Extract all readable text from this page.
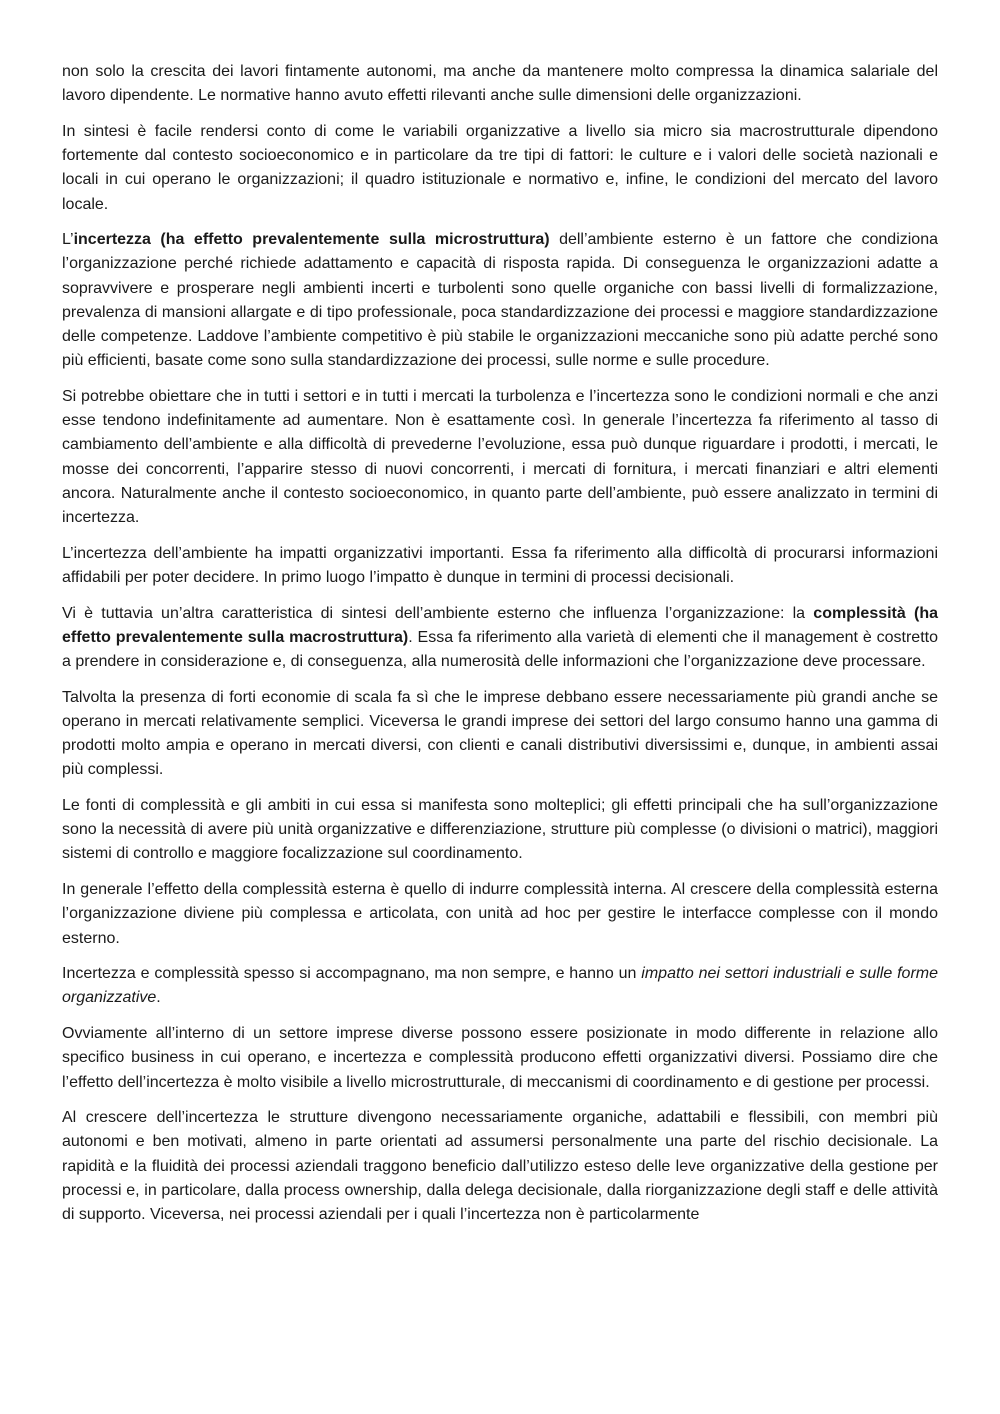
non solo la crescita dei lavori fintamente autonomi, ma anche da mantenere molto compressa la dinamica salariale del lavoro dipendente. Le normative hanno avuto effetti rilevanti anche sulle dimensioni delle organizzazioni.

In sintesi è facile rendersi conto di come le variabili organizzative a livello sia micro sia macrostrutturale dipendono fortemente dal contesto socioeconomico e in particolare da tre tipi di fattori: le culture e i valori delle società nazionali e locali in cui operano le organizzazioni; il quadro istituzionale e normativo e, infine, le condizioni del mercato del lavoro locale.

L’incertezza (ha effetto prevalentemente sulla microstruttura) dell’ambiente esterno è un fattore che condiziona l’organizzazione perché richiede adattamento e capacità di risposta rapida. Di conseguenza le organizzazioni adatte a sopravvivere e prosperare negli ambienti incerti e turbolenti sono quelle organiche con bassi livelli di formalizzazione, prevalenza di mansioni allargate e di tipo professionale, poca standardizzazione dei processi e maggiore standardizzazione delle competenze. Laddove l’ambiente competitivo è più stabile le organizzazioni meccaniche sono più adatte perché sono più efficienti, basate come sono sulla standardizzazione dei processi, sulle norme e sulle procedure.

Si potrebbe obiettare che in tutti i settori e in tutti i mercati la turbolenza e l’incertezza sono le condizioni normali e che anzi esse tendono indefinitamente ad aumentare. Non è esattamente così. In generale l’incertezza fa riferimento al tasso di cambiamento dell’ambiente e alla difficoltà di prevederne l’evoluzione, essa può dunque riguardare i prodotti, i mercati, le mosse dei concorrenti, l’apparire stesso di nuovi concorrenti, i mercati di fornitura, i mercati finanziari e altri elementi ancora. Naturalmente anche il contesto socioeconomico, in quanto parte dell’ambiente, può essere analizzato in termini di incertezza.

L’incertezza dell’ambiente ha impatti organizzativi importanti. Essa fa riferimento alla difficoltà di procurarsi informazioni affidabili per poter decidere. In primo luogo l’impatto è dunque in termini di processi decisionali.

Vi è tuttavia un’altra caratteristica di sintesi dell’ambiente esterno che influenza l’organizzazione: la complessità (ha effetto prevalentemente sulla macrostruttura). Essa fa riferimento alla varietà di elementi che il management è costretto a prendere in considerazione e, di conseguenza, alla numerosità delle informazioni che l’organizzazione deve processare.

Talvolta la presenza di forti economie di scala fa sì che le imprese debbano essere necessariamente più grandi anche se operano in mercati relativamente semplici. Viceversa le grandi imprese dei settori del largo consumo hanno una gamma di prodotti molto ampia e operano in mercati diversi, con clienti e canali distributivi diversissimi e, dunque, in ambienti assai più complessi.

Le fonti di complessità e gli ambiti in cui essa si manifesta sono molteplici; gli effetti principali che ha sull’organizzazione sono la necessità di avere più unità organizzative e differenziazione, strutture più complesse (o divisioni o matrici), maggiori sistemi di controllo e maggiore focalizzazione sul coordinamento.

In generale l’effetto della complessità esterna è quello di indurre complessità interna. Al crescere della complessità esterna l’organizzazione diviene più complessa e articolata, con unità ad hoc per gestire le interfacce complesse con il mondo esterno.

Incertezza e complessità spesso si accompagnano, ma non sempre, e hanno un impatto nei settori industriali e sulle forme organizzative.

Ovviamente all’interno di un settore imprese diverse possono essere posizionate in modo differente in relazione allo specifico business in cui operano, e incertezza e complessità producono effetti organizzativi diversi. Possiamo dire che l’effetto dell’incertezza è molto visibile a livello microstrutturale, di meccanismi di coordinamento e di gestione per processi.

Al crescere dell’incertezza le strutture divengono necessariamente organiche, adattabili e flessibili, con membri più autonomi e ben motivati, almeno in parte orientati ad assumersi personalmente una parte del rischio decisionale. La rapidità e la fluidità dei processi aziendali traggono beneficio dall’utilizzo esteso delle leve organizzative della gestione per processi e, in particolare, dalla process ownership, dalla delega decisionale, dalla riorganizzazione degli staff e delle attività di supporto. Viceversa, nei processi aziendali per i quali l’incertezza non è particolarmente
